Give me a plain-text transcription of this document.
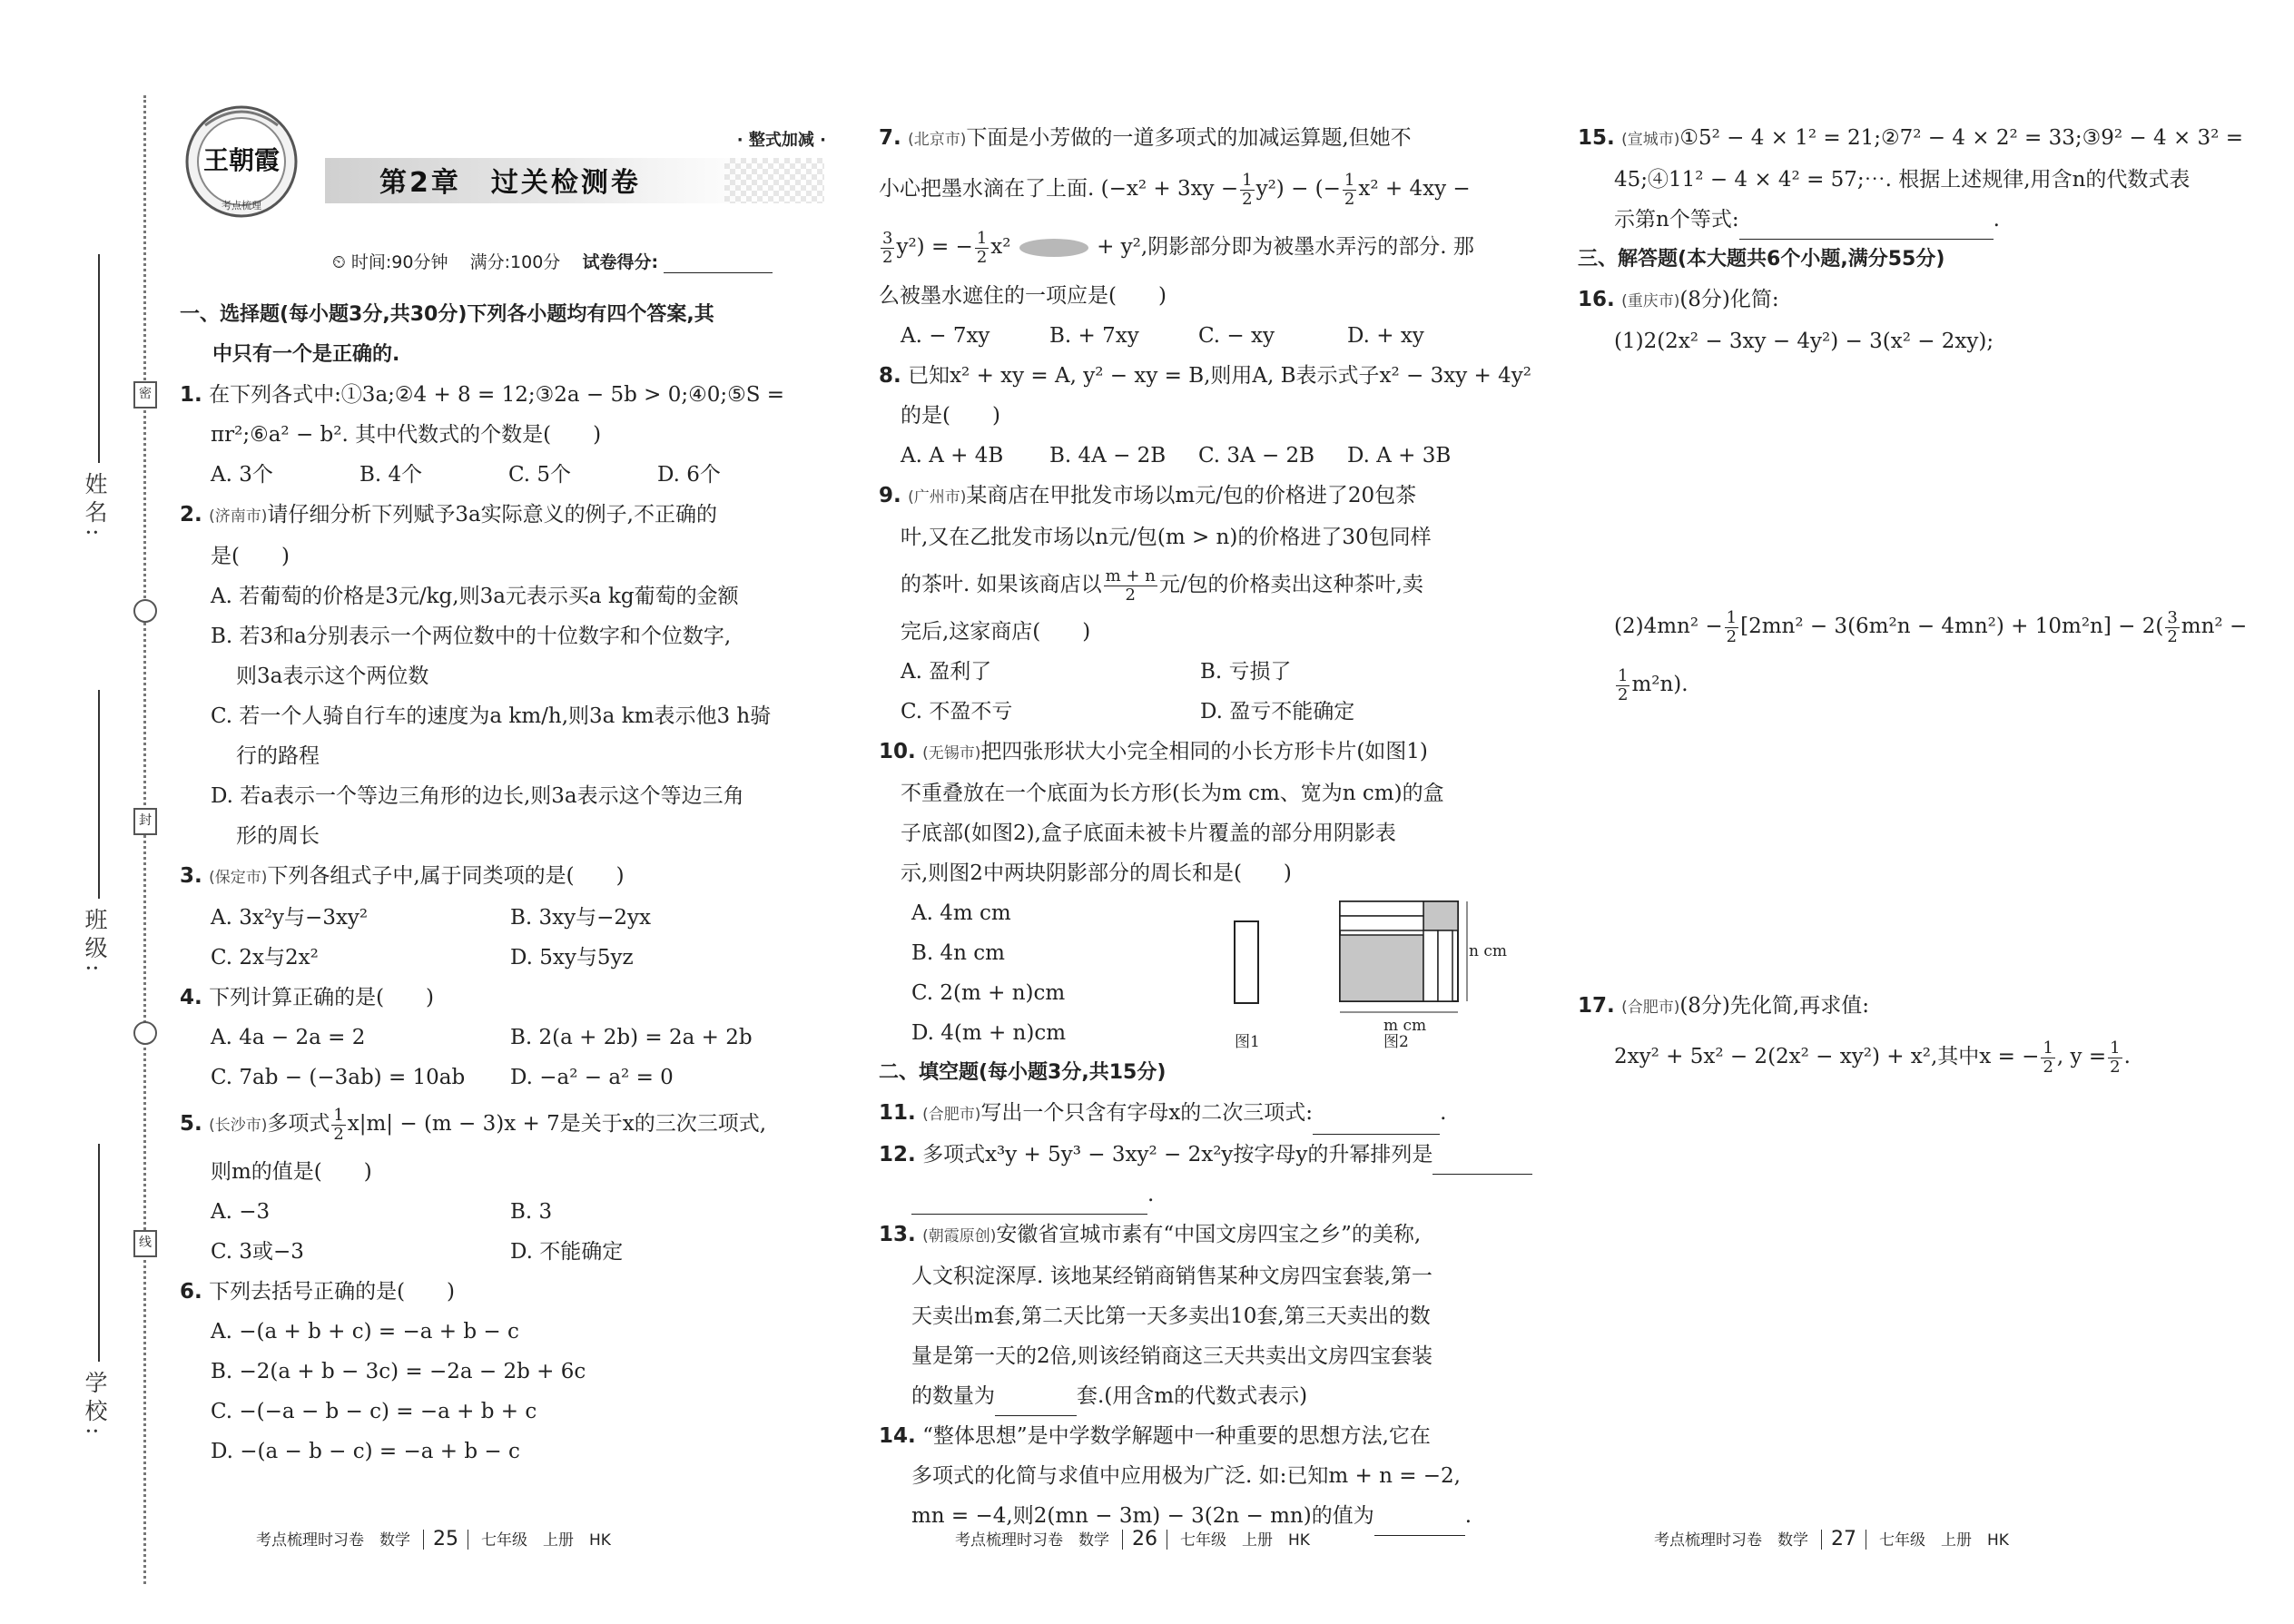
姓名:
班级:
学校:
密
封
线
王朝霞
考点梳理
第2章　过关检测卷
· 整式加减 ·
⏲ 时间:90分钟 满分:100分 试卷得分:
一、选择题(每小题3分,共30分)下列各小题均有四个答案,其
中只有一个是正确的.
1. 在下列各式中:①3a;②4 + 8 = 12;③2a − 5b > 0;④0;⑤S =
πr²;⑥a² − b². 其中代数式的个数是(　　)
A. 3个	B. 4个	C. 5个	D. 6个
2. (济南市)请仔细分析下列赋予3a实际意义的例子,不正确的
是(　　)
A. 若葡萄的价格是3元/kg,则3a元表示买a kg葡萄的金额
B. 若3和a分别表示一个两位数中的十位数字和个位数字,
则3a表示这个两位数
C. 若一个人骑自行车的速度为a km/h,则3a km表示他3 h骑
行的路程
D. 若a表示一个等边三角形的边长,则3a表示这个等边三角
形的周长
3. (保定市)下列各组式子中,属于同类项的是(　　)
A. 3x²y与−3xy²	B. 3xy与−2yx
C. 2x与2x²	D. 5xy与5yz
4. 下列计算正确的是(　　)
A. 4a − 2a = 2	B. 2(a + 2b) = 2a + 2b
C. 7ab − (−3ab) = 10ab	D. −a² − a² = 0
5. (长沙市)多项式 $\frac{1}{2} x|m| - (m - 3)x + 7$是关于x的三次三项式,
则m的值是(　　)
A. −3	B. 3
C. 3或−3	D. 不能确定
6. 下列去括号正确的是(　　)
A. −(a + b + c) = −a + b − c
B. −2(a + b − 3c) = −2a − 2b + 6c
C. −(−a − b − c) = −a + b + c
D. −(a − b − c) = −a + b − c
7. (北京市)下面是小芳做的一道多项式的加减运算题,但她不
小心把墨水滴在了上面. $(-x^2 + 3xy - \frac{1}{2} y^2)$ − (− $\frac{1}{2} x^2 + 4xy$ −
$\frac{3}{2} y^2$) = − $\frac{1}{2} x^2$	+ y²,阴影部分即为被墨水弄污的部分. 那
么被墨水遮住的一项应是(　　)
A. − 7xy	B. + 7xy	C. − xy	D. + xy
8. 已知x² + xy = A, y² − xy = B,则用A, B表示式子x² − 3xy + 4y²
的是(　　)
A. A + 4B	B. 4A − 2B	C. 3A − 2B	D. A + 3B
9. (广州市)某商店在甲批发市场以m元/包的价格进了20包茶
叶,又在乙批发市场以n元/包(m > n)的价格进了30包同样
的茶叶. 如果该商店以 $\frac{m + n}{2}$ 元/包的价格卖出这种茶叶,卖
完后,这家商店(　　)
A. 盈利了	B. 亏损了
C. 不盈不亏	D. 盈亏不能确定
10. (无锡市)把四张形状大小完全相同的小长方形卡片(如图1)
不重叠放在一个底面为长方形(长为m cm、宽为n cm)的盒
子底部(如图2),盒子底面未被卡片覆盖的部分用阴影表
示,则图2中两块阴影部分的周长和是(　　)
A. 4m cm
B. 4n cm
C. 2(m + n)cm
D. 4(m + n)cm
二、填空题(每小题3分,共15分)
11. (合肥市)写出一个只含有字母x的二次三项式:	.
12. 多项式x³y + 5y³ − 3xy² − 2x²y按字母y的升幂排列是
.
13. (朝霞原创)安徽省宣城市素有“中国文房四宝之乡”的美称,
人文积淀深厚. 该地某经销商销售某种文房四宝套装,第一
天卖出m套,第二天比第一天多卖出10套,第三天卖出的数
量是第一天的2倍,则该经销商这三天共卖出文房四宝套装
的数量为	套.(用含m的代数式表示)
14. “整体思想”是中学数学解题中一种重要的思想方法,它在
多项式的化简与求值中应用极为广泛. 如:已知m + n = −2,
mn = −4,则2(mn − 3m) − 3(2n − mn)的值为	.
n cm
m cm
图1	图2
15. (宣城市)①5² − 4 × 1² = 21;②7² − 4 × 2² = 33;③9² − 4 × 3² =
45;④11² − 4 × 4² = 57;⋯. 根据上述规律,用含n的代数式表
示第n个等式:	.
三、解答题(本大题共6个小题,满分55分)
16. (重庆市)(8分)化简:
(1)2(2x² − 3xy − 4y²) − 3(x² − 2xy);
$(2)4mn^2 - \frac{1}{2} [2mn^2 - 3(6m^2n - 4mn^2) + 10m^2n] - 2( \frac{3}{2} mn^2$ −
$\frac{1}{2} m^2n$).
17. (合肥市)(8分)先化简,再求值:
2xy² + 5x² − 2(2x² − xy²) + x²,其中x = − $\frac{1}{2}$ , $y = \frac{1}{2}$ .
考点梳理时习卷　数学 25 七年级　上册　HK	考点梳理时习卷　数学 26 七年级　上册　HK	考点梳理时习卷　数学 27 七年级　上册　HK
